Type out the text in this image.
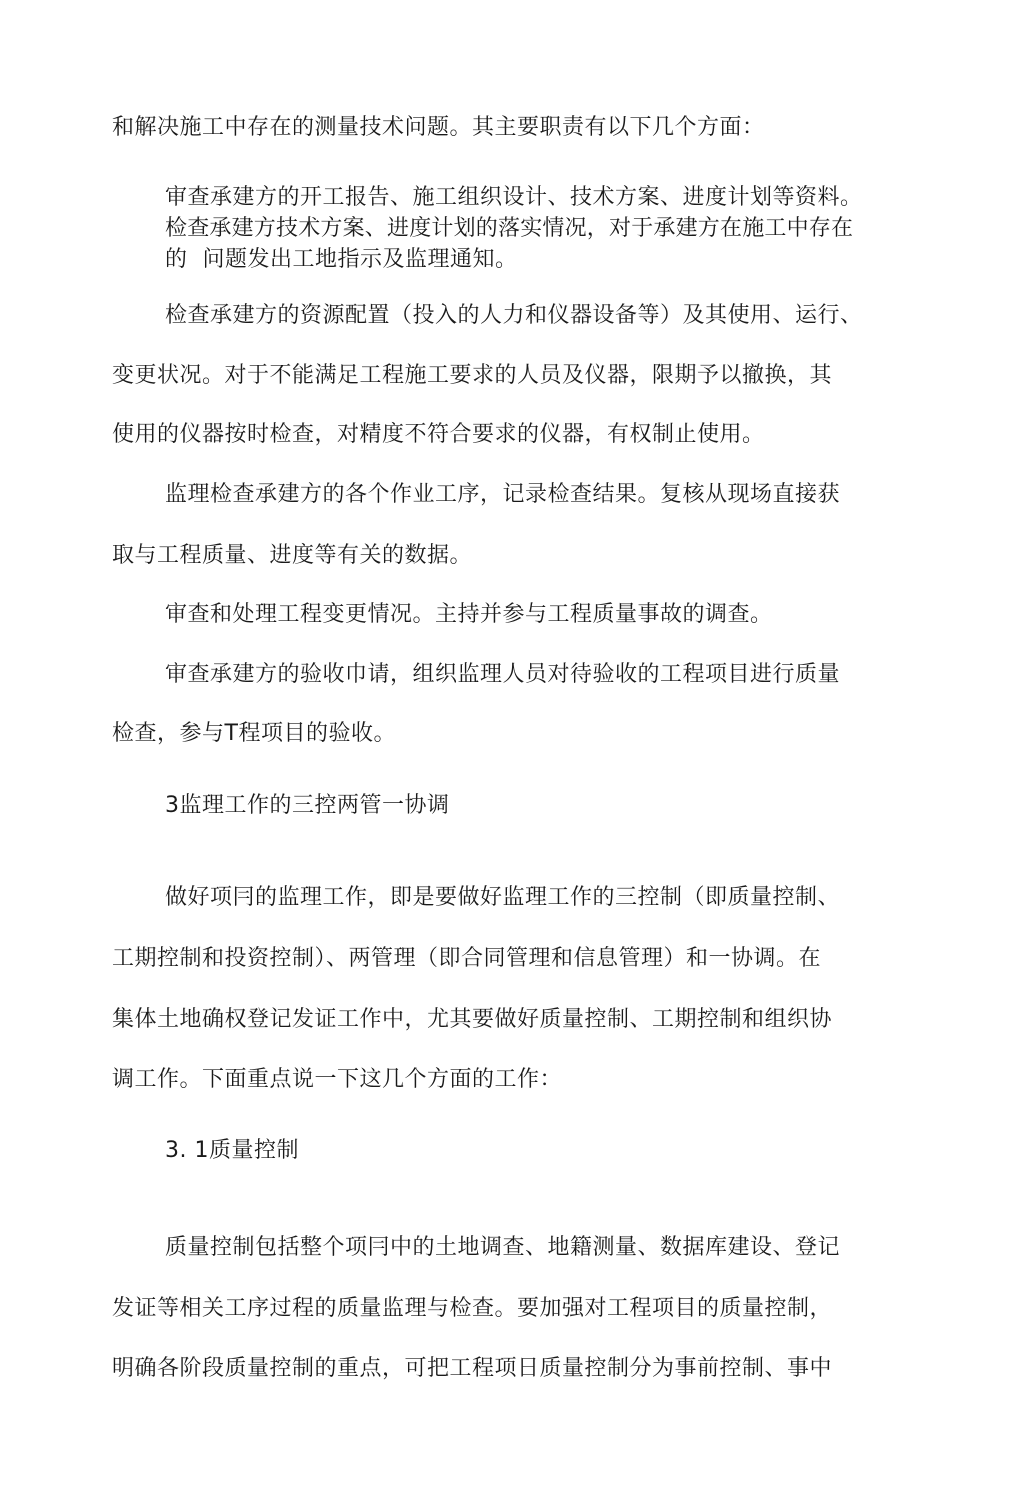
和解决施工中存在的测量技术问题。其主要职责有以下几个方面：
审查承建方的开工报告、施工组织设计、技术方案、进度计划等资料。
检查承建方技术方案、进度计划的落实情况，对于承建方在施工中存在
的  问题发出工地指示及监理通知。
检查承建方的资源配置（投入的人力和仪器设备等）及其使用、运行、
变更状况。对于不能满足工程施工要求的人员及仪器，限期予以撤换，其
使用的仪器按时检查，对精度不符合要求的仪器，有权制止使用。
监理检查承建方的各个作业工序，记录检查结果。复核从现场直接获
取与工程质量、进度等有关的数据。
审查和处理工程变更情况。主持并参与工程质量事故的调查。
审查承建方的验收巾请，组织监理人员对待验收的工程项目进行质量
检查，参与T程项目的验收。
3监理工作的三控两管一协调
做好项冃的监理工作，即是要做好监理工作的三控制（即质量控制、
工期控制和投资控制）、两管理（即合同管理和信息管理）和一协调。在
集体土地确权登记发证工作中，尤其要做好质量控制、工期控制和组织协
调工作。下面重点说一下这几个方面的工作：
3. 1质量控制
质量控制包括整个项冃中的土地调查、地籍测量、数据库建设、登记
发证等相关工序过程的质量监理与检查。要加强对工程项目的质量控制，
明确各阶段质量控制的重点，可把工程项日质量控制分为事前控制、事中
